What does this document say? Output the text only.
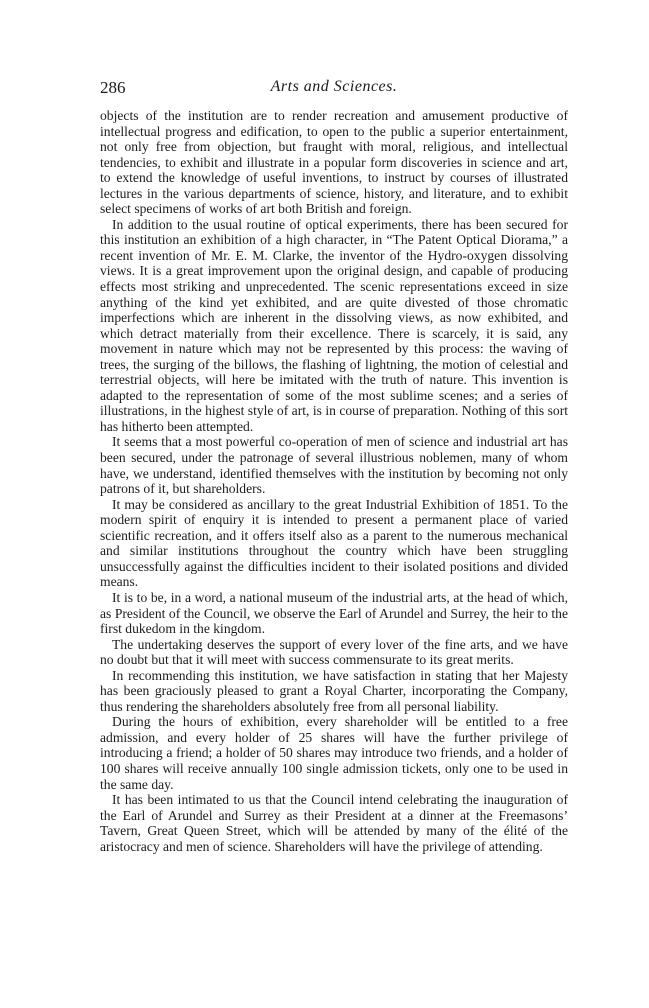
286	Arts and Sciences.

objects of the institution are to render recreation and amusement productive of intellectual progress and edification, to open to the public a superior entertainment, not only free from objection, but fraught with moral, religious, and intellectual tendencies, to exhibit and illustrate in a popular form discoveries in science and art, to extend the knowledge of useful inventions, to instruct by courses of illustrated lectures in the various departments of science, history, and literature, and to exhibit select specimens of works of art both British and foreign.

In addition to the usual routine of optical experiments, there has been secured for this institution an exhibition of a high character, in “The Patent Optical Diorama,” a recent invention of Mr. E. M. Clarke, the inventor of the Hydro-oxygen dissolving views. It is a great improvement upon the original design, and capable of producing effects most striking and unprecedented. The scenic representations exceed in size anything of the kind yet exhibited, and are quite divested of those chromatic imperfections which are inherent in the dissolving views, as now exhibited, and which detract materially from their excellence. There is scarcely, it is said, any movement in nature which may not be represented by this process: the waving of trees, the surging of the billows, the flashing of lightning, the motion of celestial and terrestrial objects, will here be imitated with the truth of nature. This invention is adapted to the representation of some of the most sublime scenes; and a series of illustrations, in the highest style of art, is in course of preparation. Nothing of this sort has hitherto been attempted.

It seems that a most powerful co-operation of men of science and industrial art has been secured, under the patronage of several illustrious noblemen, many of whom have, we understand, identified themselves with the institution by becoming not only patrons of it, but shareholders.

It may be considered as ancillary to the great Industrial Exhibition of 1851. To the modern spirit of enquiry it is intended to present a permanent place of varied scientific recreation, and it offers itself also as a parent to the numerous mechanical and similar institutions throughout the country which have been struggling unsuccessfully against the difficulties incident to their isolated positions and divided means.

It is to be, in a word, a national museum of the industrial arts, at the head of which, as President of the Council, we observe the Earl of Arundel and Surrey, the heir to the first dukedom in the kingdom.

The undertaking deserves the support of every lover of the fine arts, and we have no doubt but that it will meet with success commensurate to its great merits.

In recommending this institution, we have satisfaction in stating that her Majesty has been graciously pleased to grant a Royal Charter, incorporating the Company, thus rendering the shareholders absolutely free from all personal liability.

During the hours of exhibition, every shareholder will be entitled to a free admission, and every holder of 25 shares will have the further privilege of introducing a friend; a holder of 50 shares may introduce two friends, and a holder of 100 shares will receive annually 100 single admission tickets, only one to be used in the same day.

It has been intimated to us that the Council intend celebrating the inauguration of the Earl of Arundel and Surrey as their President at a dinner at the Freemasons’ Tavern, Great Queen Street, which will be attended by many of the élité of the aristocracy and men of science. Shareholders will have the privilege of attending.
